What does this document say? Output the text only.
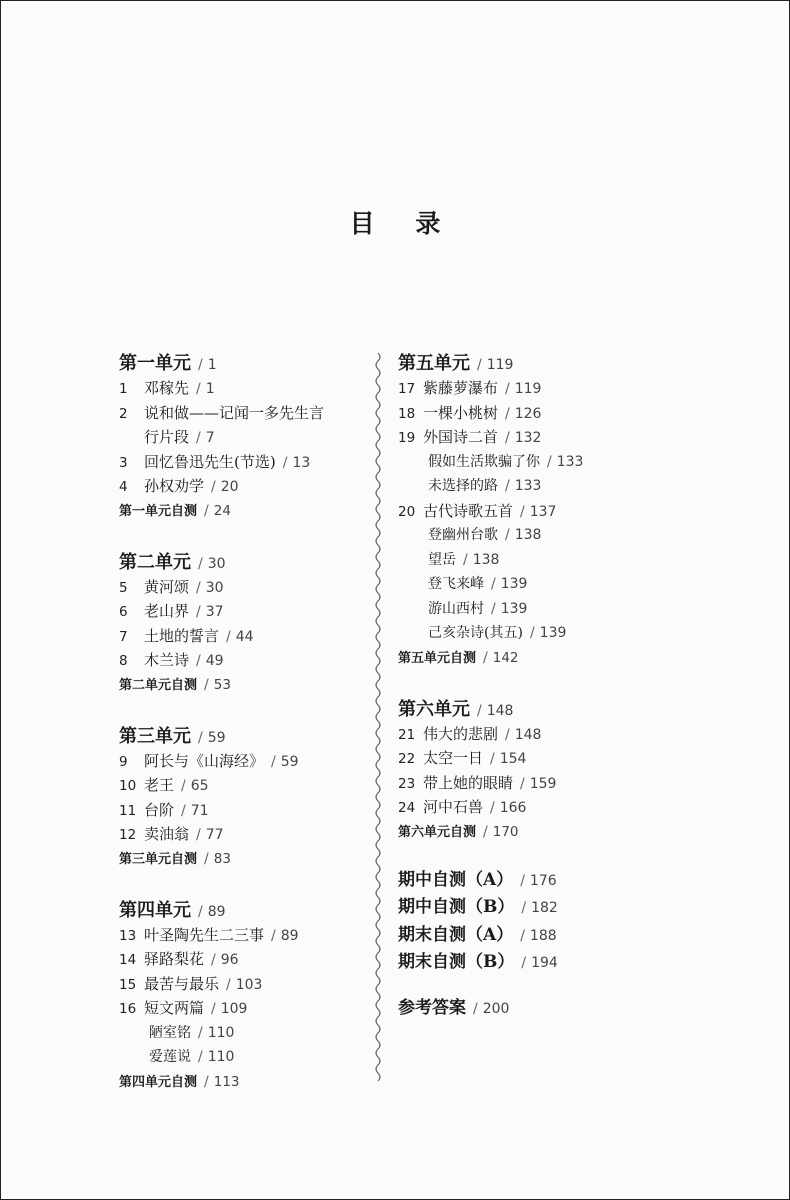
目 录
第一单元 / 1
1	邓稼先 / 1
2	说和做——记闻一多先生言
行片段 / 7
3	回忆鲁迅先生(节选) / 13
4	孙权劝学 / 20
第一单元自测 / 24
第二单元 / 30
5	黄河颂 / 30
6	老山界 / 37
7	土地的誓言 / 44
8	木兰诗 / 49
第二单元自测 / 53
第三单元 / 59
9	阿长与《山海经》 / 59
10 老王 / 65
11 台阶 / 71
12 卖油翁 / 77
第三单元自测 / 83
第四单元 / 89
13 叶圣陶先生二三事 / 89
14 驿路梨花 / 96
15 最苦与最乐 / 103
16 短文两篇 / 109
陋室铭 / 110
爱莲说 / 110
第四单元自测 / 113
第五单元 / 119
17 紫藤萝瀑布 / 119
18 一棵小桃树 / 126
19 外国诗二首 / 132
假如生活欺骗了你 / 133
未选择的路 / 133
20 古代诗歌五首 / 137
登幽州台歌 / 138
望岳 / 138
登飞来峰 / 139
游山西村 / 139
己亥杂诗(其五) / 139
第五单元自测 / 142
第六单元 / 148
21 伟大的悲剧 / 148
22 太空一日 / 154
23 带上她的眼睛 / 159
24 河中石兽 / 166
第六单元自测 / 170
期中自测（A） / 176
期中自测（B） / 182
期末自测（A） / 188
期末自测（B） / 194
参考答案 / 200
